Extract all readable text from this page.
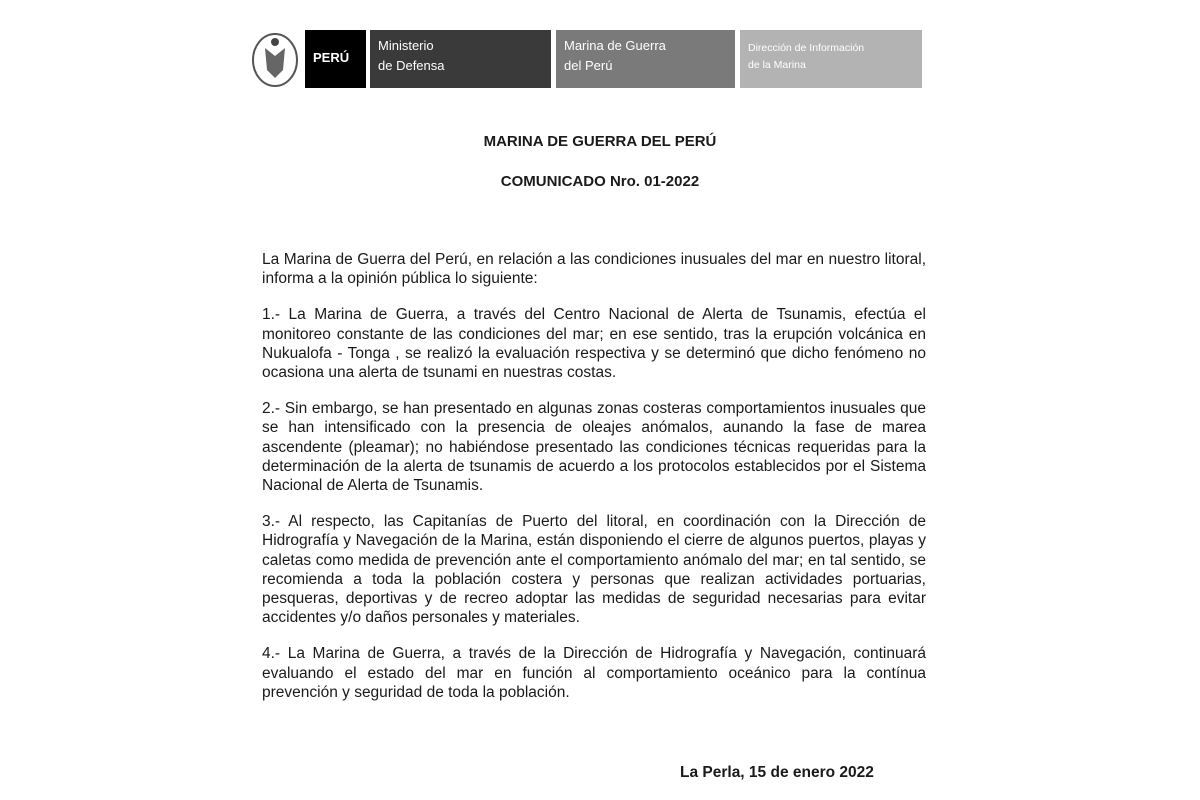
PERÚ
Ministerio
de Defensa
Marina de Guerra
del Perú
Dirección de Información
de la Marina
MARINA DE GUERRA DEL PERÚ
COMUNICADO Nro. 01-2022

La Marina de Guerra del Perú, en relación a las condiciones inusuales del mar en nuestro litoral, informa a la opinión pública lo siguiente:

1.- La Marina de Guerra, a través del Centro Nacional de Alerta de Tsunamis, efectúa el monitoreo constante de las condiciones del mar; en ese sentido, tras la erupción volcánica en Nukualofa - Tonga , se realizó la evaluación respectiva y se determinó que dicho fenómeno no ocasiona una alerta de tsunami en nuestras costas.

2.- Sin embargo, se han presentado en algunas zonas costeras comportamientos inusuales que se han intensificado con la presencia de oleajes anómalos, aunando la fase de marea ascendente (pleamar); no habiéndose presentado las condiciones técnicas requeridas para la determinación de la alerta de tsunamis de acuerdo a los protocolos establecidos por el Sistema Nacional de Alerta de Tsunamis.

3.- Al respecto, las Capitanías de Puerto del litoral, en coordinación con la Dirección de Hidrografía y Navegación de la Marina, están disponiendo el cierre de algunos puertos, playas y caletas como medida de prevención ante el comportamiento anómalo del mar; en tal sentido, se recomienda a toda la población costera y personas que realizan actividades portuarias, pesqueras, deportivas y de recreo adoptar las medidas de seguridad necesarias para evitar accidentes y/o daños personales y materiales.

4.- La Marina de Guerra, a través de la Dirección de Hidrografía y Navegación, continuará evaluando el estado del mar en función al comportamiento oceánico para la contínua prevención y seguridad de toda la población.

La Perla, 15 de enero 2022
